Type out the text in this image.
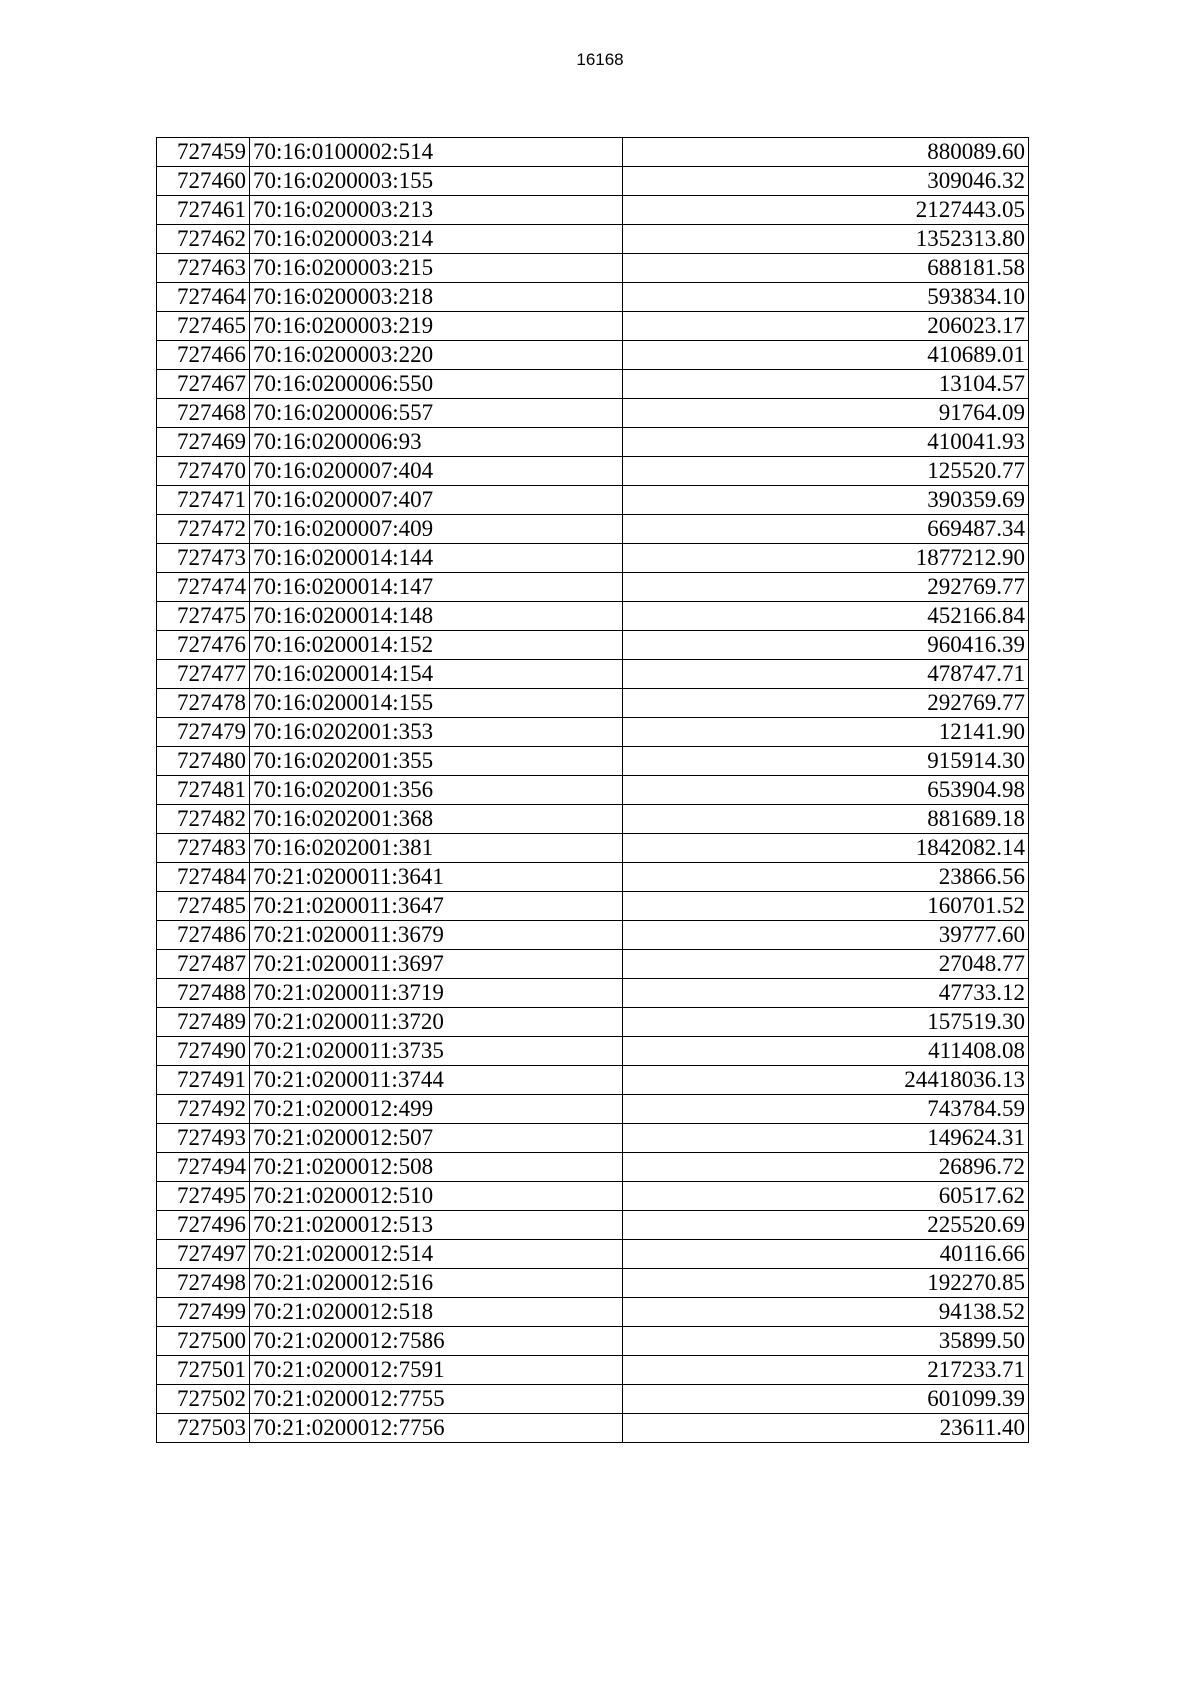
16168
727459	70:16:0100002:514	880089.60
727460	70:16:0200003:155	309046.32
727461	70:16:0200003:213	2127443.05
727462	70:16:0200003:214	1352313.80
727463	70:16:0200003:215	688181.58
727464	70:16:0200003:218	593834.10
727465	70:16:0200003:219	206023.17
727466	70:16:0200003:220	410689.01
727467	70:16:0200006:550	13104.57
727468	70:16:0200006:557	91764.09
727469	70:16:0200006:93	410041.93
727470	70:16:0200007:404	125520.77
727471	70:16:0200007:407	390359.69
727472	70:16:0200007:409	669487.34
727473	70:16:0200014:144	1877212.90
727474	70:16:0200014:147	292769.77
727475	70:16:0200014:148	452166.84
727476	70:16:0200014:152	960416.39
727477	70:16:0200014:154	478747.71
727478	70:16:0200014:155	292769.77
727479	70:16:0202001:353	12141.90
727480	70:16:0202001:355	915914.30
727481	70:16:0202001:356	653904.98
727482	70:16:0202001:368	881689.18
727483	70:16:0202001:381	1842082.14
727484	70:21:0200011:3641	23866.56
727485	70:21:0200011:3647	160701.52
727486	70:21:0200011:3679	39777.60
727487	70:21:0200011:3697	27048.77
727488	70:21:0200011:3719	47733.12
727489	70:21:0200011:3720	157519.30
727490	70:21:0200011:3735	411408.08
727491	70:21:0200011:3744	24418036.13
727492	70:21:0200012:499	743784.59
727493	70:21:0200012:507	149624.31
727494	70:21:0200012:508	26896.72
727495	70:21:0200012:510	60517.62
727496	70:21:0200012:513	225520.69
727497	70:21:0200012:514	40116.66
727498	70:21:0200012:516	192270.85
727499	70:21:0200012:518	94138.52
727500	70:21:0200012:7586	35899.50
727501	70:21:0200012:7591	217233.71
727502	70:21:0200012:7755	601099.39
727503	70:21:0200012:7756	23611.40
